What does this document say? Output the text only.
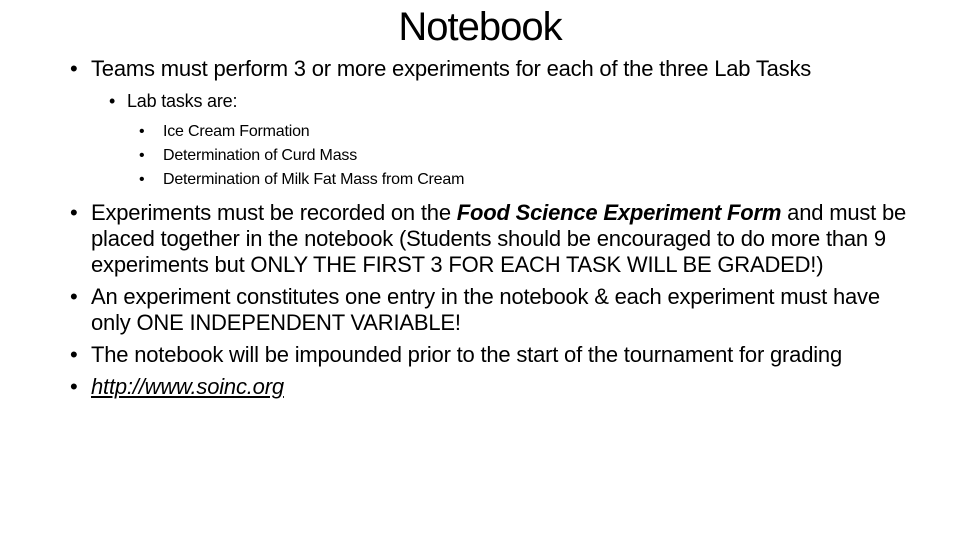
Notebook
• Teams must perform 3 or more experiments for each of the three Lab Tasks
• Lab tasks are:
• Ice Cream Formation
• Determination of Curd Mass
• Determination of Milk Fat Mass from Cream
• Experiments must be recorded on the Food Science Experiment Form and must be placed together in the notebook (Students should be encouraged to do more than 9 experiments but ONLY THE FIRST 3 FOR EACH TASK WILL BE GRADED!)
• An experiment constitutes one entry in the notebook & each experiment must have only ONE INDEPENDENT VARIABLE!
• The notebook will be impounded prior to the start of the tournament for grading
• http://www.soinc.org
